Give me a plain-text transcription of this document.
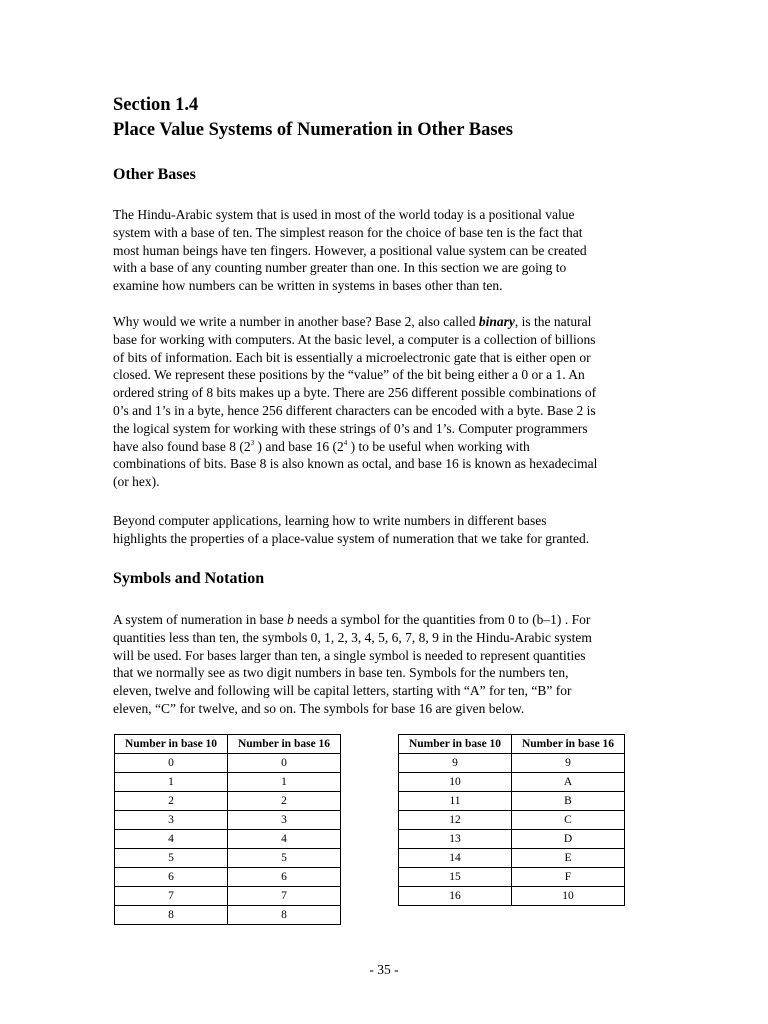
Section 1.4
Place Value Systems of Numeration in Other Bases
Other Bases
The Hindu-Arabic system that is used in most of the world today is a positional value
system with a base of ten. The simplest reason for the choice of base ten is the fact that
most human beings have ten fingers. However, a positional value system can be created
with a base of any counting number greater than one. In this section we are going to
examine how numbers can be written in systems in bases other than ten.
Why would we write a number in another base? Base 2, also called binary, is the natural
base for working with computers. At the basic level, a computer is a collection of billions
of bits of information. Each bit is essentially a microelectronic gate that is either open or
closed. We represent these positions by the “value” of the bit being either a 0 or a 1. An
ordered string of 8 bits makes up a byte. There are 256 different possible combinations of
0’s and 1’s in a byte, hence 256 different characters can be encoded with a byte. Base 2 is
the logical system for working with these strings of 0’s and 1’s. Computer programmers
have also found base 8 ($2^3$ ) and base 16 ($2^4$ ) to be useful when working with
combinations of bits. Base 8 is also known as octal, and base 16 is known as hexadecimal
(or hex).
Beyond computer applications, learning how to write numbers in different bases
highlights the properties of a place-value system of numeration that we take for granted.
Symbols and Notation
A system of numeration in base b needs a symbol for the quantities from 0 to (b–1) . For
quantities less than ten, the symbols 0, 1, 2, 3, 4, 5, 6, 7, 8, 9 in the Hindu-Arabic system
will be used. For bases larger than ten, a single symbol is needed to represent quantities
that we normally see as two digit numbers in base ten. Symbols for the numbers ten,
eleven, twelve and following will be capital letters, starting with “A” for ten, “B” for
eleven, “C” for twelve, and so on. The symbols for base 16 are given below.
Number in base 10	Number in base 16
0	0
1	1
2	2
3	3
4	4
5	5
6	6
7	7
8	8
Number in base 10	Number in base 16
9	9
10	A
11	B
12	C
13	D
14	E
15	F
16	10
- 35 -
